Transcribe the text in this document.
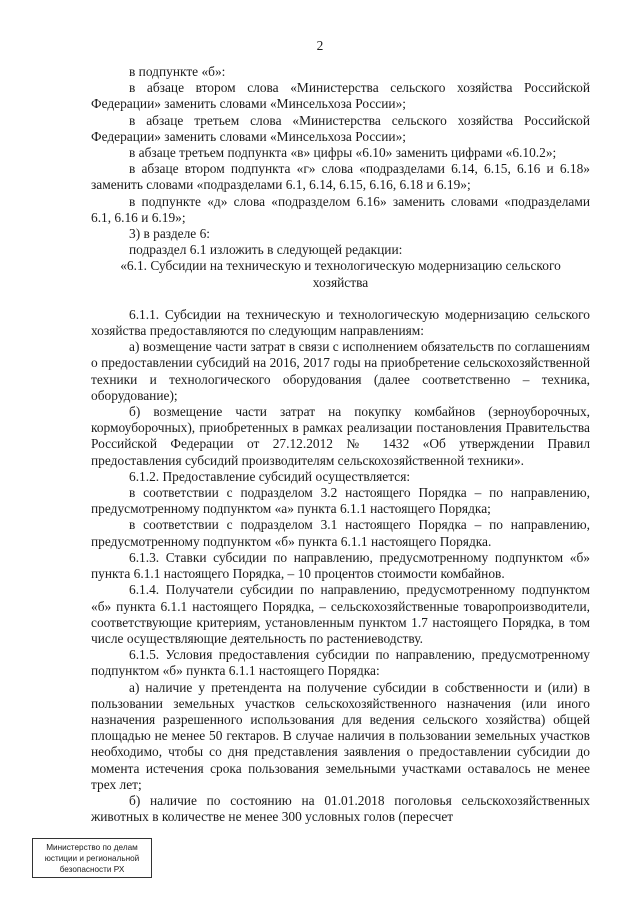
2

в подпункте «б»:

в абзаце втором слова «Министерства сельского хозяйства Российской Федерации» заменить словами «Минсельхоза России»;

в абзаце третьем слова «Министерства сельского хозяйства Российской Федерации» заменить словами «Минсельхоза России»;

в абзаце третьем подпункта «в» цифры «6.10» заменить цифрами «6.10.2»;

в абзаце втором подпункта «г» слова «подразделами 6.14, 6.15, 6.16 и 6.18» заменить словами «подразделами 6.1, 6.14, 6.15, 6.16, 6.18 и 6.19»;

в подпункте «д» слова «подразделом 6.16» заменить словами «подразделами 6.1, 6.16 и 6.19»;

3) в разделе 6:

подраздел 6.1 изложить в следующей редакции:

«6.1. Субсидии на техническую и технологическую модернизацию сельского хозяйства

6.1.1. Субсидии на техническую и технологическую модернизацию сельского хозяйства предоставляются по следующим направлениям:

а) возмещение части затрат в связи с исполнением обязательств по соглашениям о предоставлении субсидий на 2016, 2017 годы на приобретение сельскохозяйственной техники и технологического оборудования (далее соответственно – техника, оборудование);

б) возмещение части затрат на покупку комбайнов (зерноуборочных, кормоуборочных), приобретенных в рамках реализации постановления Правительства Российской Федерации от 27.12.2012 № 1432 «Об утверждении Правил предоставления субсидий производителям сельскохозяйственной техники».

6.1.2. Предоставление субсидий осуществляется:

в соответствии с подразделом 3.2 настоящего Порядка – по направлению, предусмотренному подпунктом «а» пункта 6.1.1 настоящего Порядка;

в соответствии с подразделом 3.1 настоящего Порядка – по направлению, предусмотренному подпунктом «б» пункта 6.1.1 настоящего Порядка.

6.1.3. Ставки субсидии по направлению, предусмотренному подпунктом «б» пункта 6.1.1 настоящего Порядка, – 10 процентов стоимости комбайнов.

6.1.4. Получатели субсидии по направлению, предусмотренному подпунктом «б» пункта 6.1.1 настоящего Порядка, – сельскохозяйственные товаропроизводители, соответствующие критериям, установленным пунктом 1.7 настоящего Порядка, в том числе осуществляющие деятельность по растениеводству.

6.1.5. Условия предоставления субсидии по направлению, предусмотренному подпунктом «б» пункта 6.1.1 настоящего Порядка:

а) наличие у претендента на получение субсидии в собственности и (или) в пользовании земельных участков сельскохозяйственного назначения (или иного назначения разрешенного использования для ведения сельского хозяйства) общей площадью не менее 50 гектаров. В случае наличия в пользовании земельных участков необходимо, чтобы со дня представления заявления о предоставлении субсидии до момента истечения срока пользования земельными участками оставалось не менее трех лет;

б) наличие по состоянию на 01.01.2018 поголовья сельскохозяйственных животных в количестве не менее 300 условных голов (пересчет

Министерство по делам
юстиции и региональной
безопасности РХ
